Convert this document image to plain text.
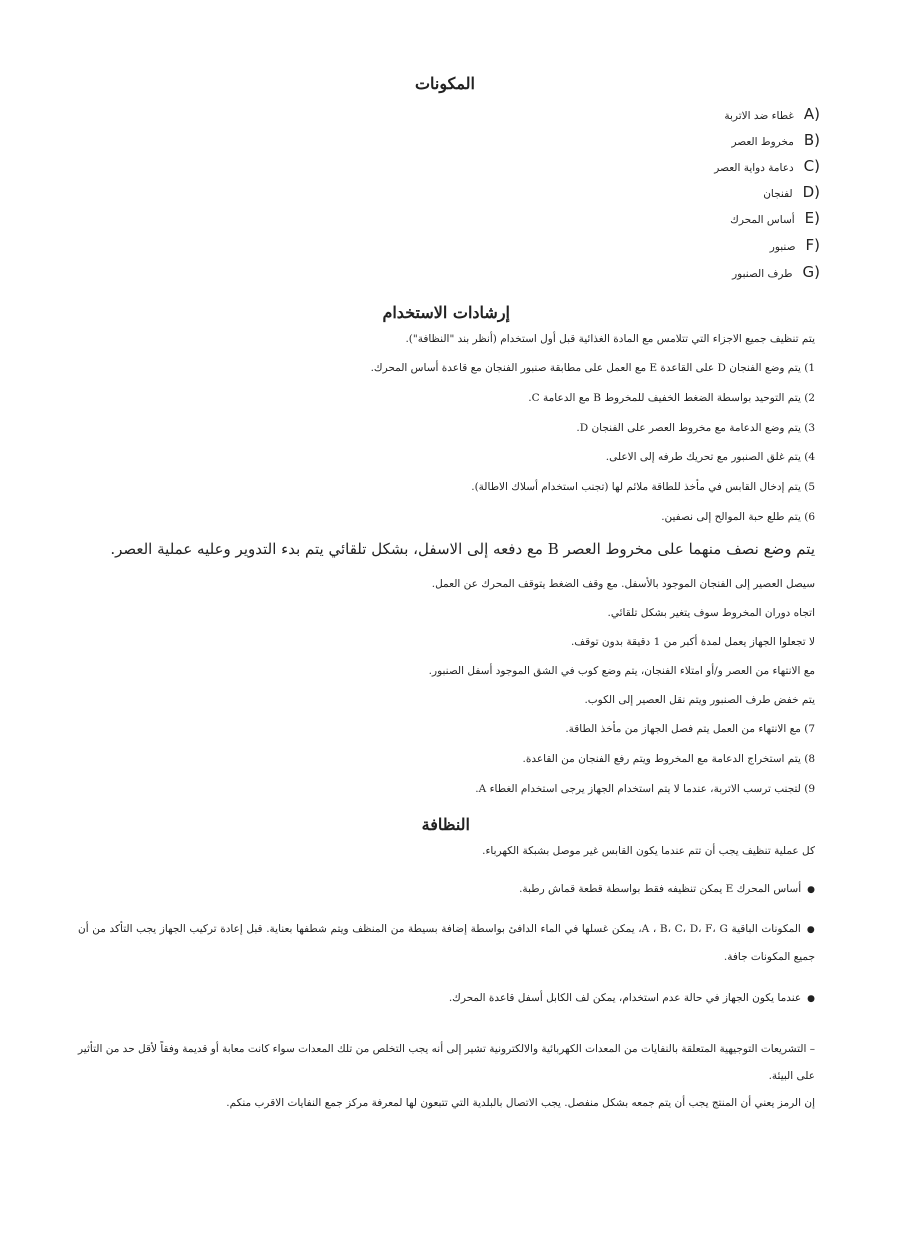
المكونات
A)غطاء ضد الاتربة
B)مخروط العصر
C)دعامة دواية العصر
D)لفنجان
E)أساس المحرك
F)صنبور
G)طرف الصنبور
إرشادات الاستخدام
يتم تنظيف جميع الاجزاء التي تتلامس مع المادة الغذائية قبل أول استخدام (أنظر بند "النظافة").
1) يتم وضع الفنجان D على القاعدة E مع العمل على مطابقة صنبور الفنجان مع قاعدة أساس المحرك.
2) يتم التوحيد بواسطة الضغط الخفيف للمخروط B مع الدعامة C.
3) يتم وضع الدعامة مع مخروط العصر على الفنجان D.
4) يتم غلق الصنبور مع تحريك طرفه إلى الاعلى.
5) يتم إدخال القابس في مأخذ للطاقة ملائم لها (تجنب استخدام أسلاك الاطالة).
6) يتم طلع حبة الموالح إلى نصفين.
يتم وضع نصف منهما على مخروط العصر B مع دفعه إلى الاسفل، بشكل تلقائي يتم بدء التدوير وعليه عملية العصر.
سيصل العصير إلى الفنجان الموجود بالأسفل. مع وقف الضغط يتوقف المحرك عن العمل.
اتجاه دوران المخروط سوف يتغير بشكل تلقائي.
لا تجعلوا الجهاز يعمل لمدة أكبر من 1 دقيقة بدون توقف.
مع الانتهاء من العصر و/أو امتلاء الفنجان، يتم وضع كوب في الشق الموجود أسفل الصنبور.
يتم خفض طرف الصنبور ويتم نقل العصير إلى الكوب.
7) مع الانتهاء من العمل يتم فصل الجهاز من مأخذ الطاقة.
8) يتم استخراج الدعامة مع المخروط ويتم رفع الفنجان من القاعدة.
9) لتجنب ترسب الاتربة، عندما لا يتم استخدام الجهاز يرجى استخدام الغطاء A.
النظافة
كل عملية تنظيف يجب أن تتم عندما يكون القابس غير موصل بشبكة الكهرباء.
● أساس المحرك E يمكن تنظيفه فقط بواسطة قطعة قماش رطبة.
● المكونات الباقية A ، B، C، D، F، G، يمكن غسلها في الماء الدافئ بواسطة إضافة بسيطة من المنظف ويتم شطفها بعناية. قبل إعادة تركيب الجهاز يجب التأكد من أن جميع المكونات جافة.
● عندما يكون الجهاز في حالة عدم استخدام، يمكن لف الكابل أسفل قاعدة المحرك.
– التشريعات التوجيهية المتعلقة بالنفايات من المعدات الكهربائية والالكترونية تشير إلى أنه يجب التخلص من تلك المعدات سواء كانت معابة أو قديمة وفقاً لأقل حد من التأثير على البيئة.
إن الرمز يعني أن المنتج يجب أن يتم جمعه بشكل منفصل. يجب الاتصال بالبلدية التي تتبعون لها لمعرفة مركز جمع النفايات الاقرب منكم.
